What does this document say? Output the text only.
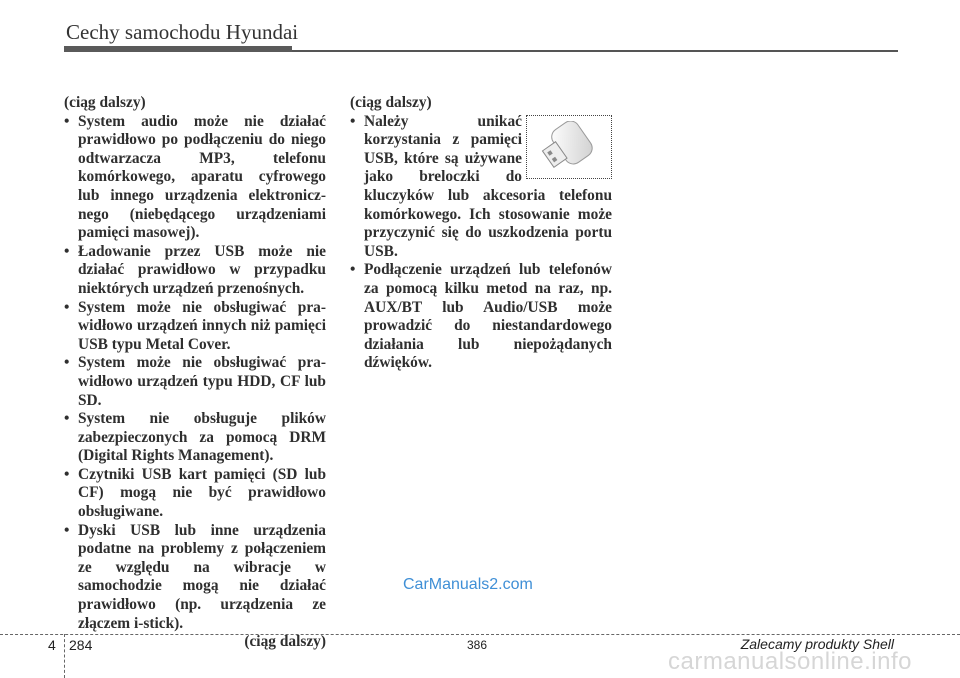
Cechy samochodu Hyundai

(ciąg dalszy)

• System audio może nie działać prawidłowo po podłączeniu do niego odtwarzacza MP3, telefonu komórkowego, aparatu cyfrowego lub innego urządzenia elektronicznego (niebędącego urządzeniami pamięci masowej).
• Ładowanie przez USB może nie działać prawidłowo w przypadku niektórych urządzeń przenośnych.
• System może nie obsługiwać prawidłowo urządzeń innych niż pamięci USB typu Metal Cover.
• System może nie obsługiwać prawidłowo urządzeń typu HDD, CF lub SD.
• System nie obsługuje plików zabezpieczonych za pomocą DRM (Digital Rights Management).
• Czytniki USB kart pamięci (SD lub CF) mogą nie być prawidłowo obsługiwane.
• Dyski USB lub inne urządzenia podatne na problemy z połączeniem ze względu na wibracje w samochodzie mogą nie działać prawidłowo (np. urządzenia ze złączem i-stick).

(ciąg dalszy)

(ciąg dalszy)

• Należy unikać korzystania z pamięci USB, które są używane jako breloczki do kluczyków lub akcesoria telefonu komórkowego. Ich stosowanie może przyczynić się do uszkodzenia portu USB.
• Podłączenie urządzeń lub telefonów za pomocą kilku metod na raz, np. AUX/BT lub Audio/USB może prowadzić do niestandardowego działania lub niepożądanych dźwięków.
CarManuals2.com
4 284	386	Zalecamy produkty Shell
carmanualsonline.info
